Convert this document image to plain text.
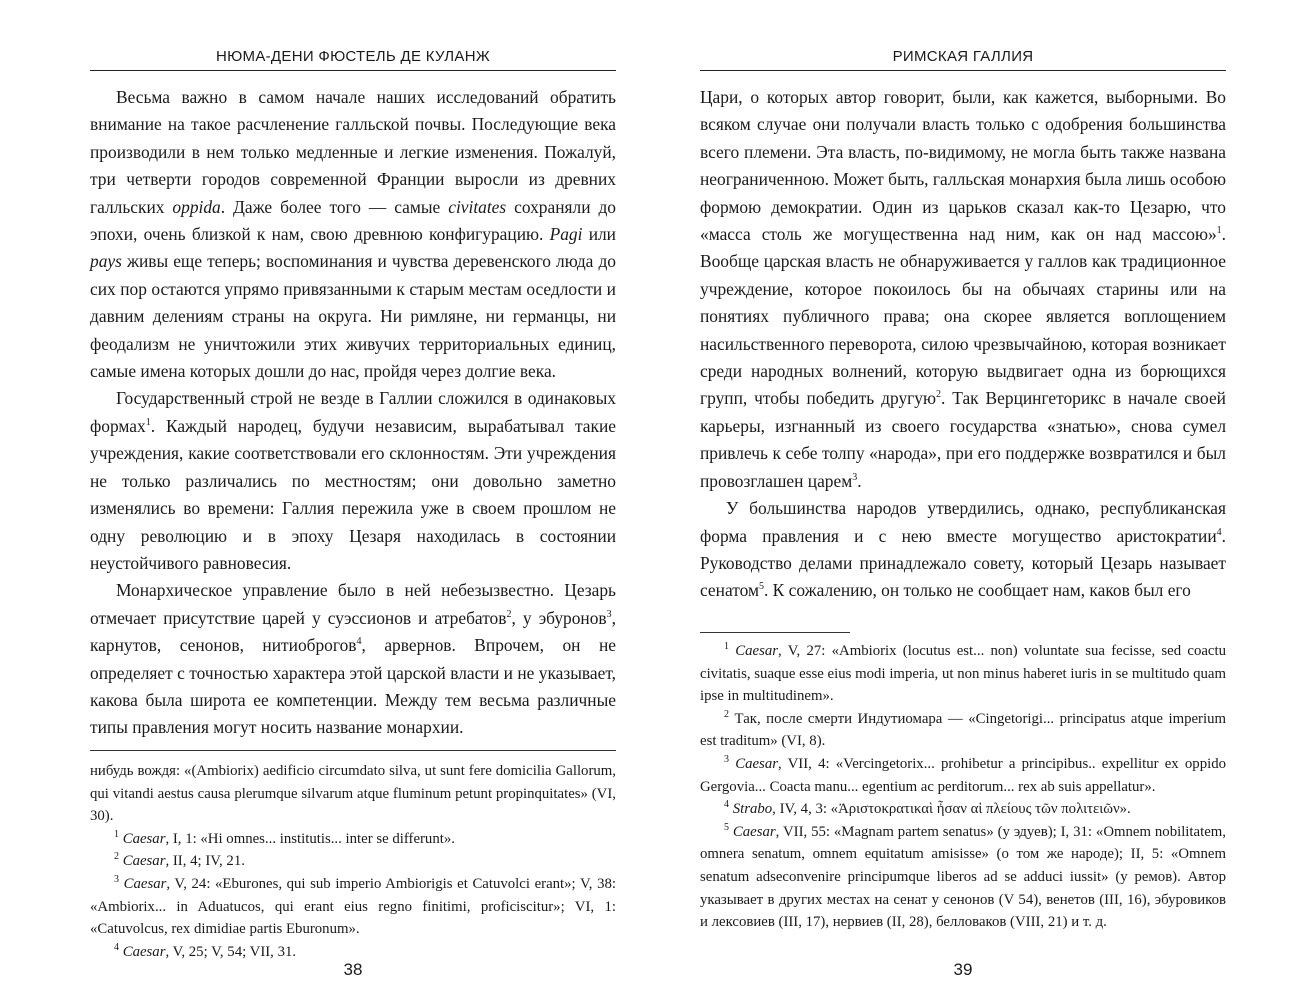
НЮМА-ДЕНИ ФЮСТЕЛЬ ДЕ КУЛАНЖ

Весьма важно в самом начале наших исследований обратить внимание на такое расчленение галльской почвы. Последующие века производили в нем только медленные и легкие изменения. Пожалуй, три четверти городов современной Франции выросли из древних галльских oppida. Даже более того — самые civitates сохраняли до эпохи, очень близкой к нам, свою древнюю конфигурацию. Pagi или pays живы еще теперь; воспоминания и чувства деревенского люда до сих пор остаются упрямо привязанными к старым местам оседлости и давним делениям страны на округа. Ни римляне, ни германцы, ни феодализм не уничтожили этих живучих территориальных единиц, самые имена которых дошли до нас, пройдя через долгие века.

Государственный строй не везде в Галлии сложился в одинаковых формах$^1$. Каждый народец, будучи независим, вырабатывал такие учреждения, какие соответствовали его склонностям. Эти учреждения не только различались по местностям; они довольно заметно изменялись во времени: Галлия пережила уже в своем прошлом не одну революцию и в эпоху Цезаря находилась в состоянии неустойчивого равновесия.

Монархическое управление было в ней небезызвестно. Цезарь отмечает присутствие царей у суэссионов и атребатов$^2$, у эбуронов$^3$, карнутов, сенонов, нитиоброгов$^4$, арвернов. Впрочем, он не определяет с точностью характера этой царской власти и не указывает, какова была широта ее компетенции. Между тем весьма различные типы правления могут носить название монархии.

нибудь вождя: «(Ambiorix) aedificio circumdato silva, ut sunt fere domicilia Gallorum, qui vitandi aestus causa plerumque silvarum atque fluminum petunt propinquitates» (VI, 30).

$^1$ Caesar, I, 1: «Hi omnes... institutis... inter se differunt».

$^2$ Caesar, II, 4; IV, 21.

$^3$ Caesar, V, 24: «Eburones, qui sub imperio Ambiorigis et Catuvolci erant»; V, 38: «Ambiorix... in Aduatucos, qui erant eius regno finitimi, proficiscitur»; VI, 1: «Catuvolcus, rex dimidiae partis Eburonum».

$^4$ Caesar, V, 25; V, 54; VII, 31.

38
РИМСКАЯ ГАЛЛИЯ

Цари, о которых автор говорит, были, как кажется, выборными. Во всяком случае они получали власть только с одобрения большинства всего племени. Эта власть, по-видимому, не могла быть также названа неограниченною. Может быть, галльская монархия была лишь особою формою демократии. Один из царьков сказал как-то Цезарю, что «масса столь же могущественна над ним, как он над массою»$^1$. Вообще царская власть не обнаруживается у галлов как традиционное учреждение, которое покоилось бы на обычаях старины или на понятиях публичного права; она скорее является воплощением насильственного переворота, силою чрезвычайною, которая возникает среди народных волнений, которую выдвигает одна из борющихся групп, чтобы победить другую$^2$. Так Верцингеторикс в начале своей карьеры, изгнанный из своего государства «знатью», снова сумел привлечь к себе толпу «народа», при его поддержке возвратился и был провозглашен царем$^3$.

У большинства народов утвердились, однако, республиканская форма правления и с нею вместе могущество аристократии$^4$. Руководство делами принадлежало совету, который Цезарь называет сенатом$^5$. К сожалению, он только не сообщает нам, каков был его

$^1$ Caesar, V, 27: «Ambiorix (locutus est... non) voluntate sua fecisse, sed coactu civitatis, suaque esse eius modi imperia, ut non minus haberet iuris in se multitudo quam ipse in multitudinem».

$^2$ Так, после смерти Индутиомара — «Cingetorigi... principatus atque imperium est traditum» (VI, 8).

$^3$ Caesar, VII, 4: «Vercingetorix... prohibetur a principibus.. expellitur ex oppido Gergovia... Coacta manu... egentium ac perditorum... rex ab suis appellatur».

$^4$ Strabo, IV, 4, 3: «Ἀριστοκρατικαὶ ἦσαν αἱ πλείους τῶν πολιτειῶν».

$^5$ Caesar, VII, 55: «Magnam partem senatus» (у эдуев); I, 31: «Omnem nobilitatem, omnera senatum, omnem equitatum amisisse» (о том же народе); II, 5: «Omnem senatum adseconvenire principumque liberos ad se adduci iussit» (у ремов). Автор указывает в других местах на сенат у сенонов (V 54), венетов (III, 16), эбуровиков и лексовиев (III, 17), нервиев (II, 28), белловаков (VIII, 21) и т. д.

39
